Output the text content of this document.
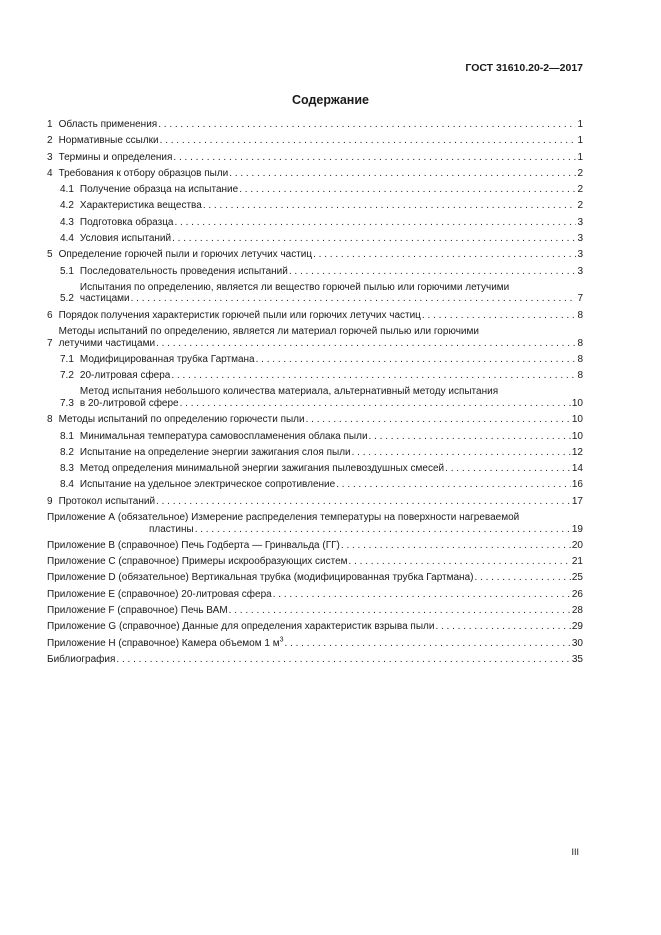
ГОСТ 31610.20-2—2017
Содержание
1 Область применения . . .	1
2 Нормативные ссылки . . .	1
3 Термины и определения . . .	1
4 Требования к отбору образцов пыли . . .	2
4.1 Получение образца на испытание . . .	2
4.2 Характеристика вещества . . .	2
4.3 Подготовка образца . . .	3
4.4 Условия испытаний . . .	3
5 Определение горючей пыли и горючих летучих частиц . . .	3
5.1 Последовательность проведения испытаний . . .	3
5.2
Испытания по определению, является ли вещество горючей пылью или горючими летучими
частицами . . .	7
6 Порядок получения характеристик горючей пыли или горючих летучих частиц . . .	8
7
Методы испытаний по определению, является ли материал горючей пылью или горючими
летучими частицами . . .	8
7.1 Модифицированная трубка Гартмана . . .	8
7.2 20-литровая сфера . . .	8
7.3
Метод испытания небольшого количества материала, альтернативный методу испытания
в 20-литровой сфере . . .	10
8 Методы испытаний по определению горючести пыли . . .	10
8.1 Минимальная температура самовоспламенения облака пыли . . .	10
8.2 Испытание на определение энергии зажигания слоя пыли . . .	12
8.3 Метод определения минимальной энергии зажигания пылевоздушных смесей . . .	14
8.4 Испытание на удельное электрическое сопротивление . . .	16
9 Протокол испытаний . . .	17
Приложение А (обязательное) Измерение распределения температуры на поверхности нагреваемой
пластины . . .	19
Приложение В (справочное) Печь Годберта — Гринвальда (ГГ) . . .	20
Приложение С (справочное) Примеры искрообразующих систем . . .	21
Приложение D (обязательное) Вертикальная трубка (модифицированная трубка Гартмана) . . .	25
Приложение Е (справочное) 20-литровая сфера . . .	26
Приложение F (справочное) Печь ВАМ . . .	28
Приложение G (справочное) Данные для определения характеристик взрыва пыли . . .	29
Приложение Н (справочное) Камера объемом 1 $м^3$ . . .	30
Библиография . . .	35
III
